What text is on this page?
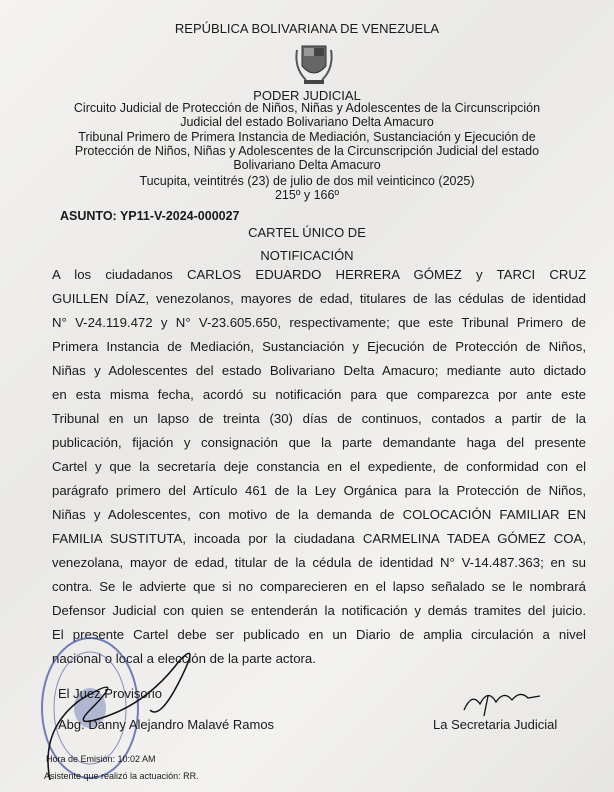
REPÚBLICA BOLIVARIANA DE VENEZUELA
PODER JUDICIAL
Circuito Judicial de Protección de Niños, Niñas y Adolescentes de la Circunscripción
Judicial del estado Bolivariano Delta Amacuro
Tribunal Primero de Primera Instancia de Mediación, Sustanciación y Ejecución de
Protección de Niños, Niñas y Adolescentes de la Circunscripción Judicial del estado
Bolivariano Delta Amacuro
Tucupita, veintitrés (23) de julio de dos mil veinticinco (2025)
215º y 166º
ASUNTO: YP11-V-2024-000027
CARTEL ÚNICO DE
NOTIFICACIÓN
A los ciudadanos CARLOS EDUARDO HERRERA GÓMEZ y TARCI CRUZ
GUILLEN DÍAZ, venezolanos, mayores de edad, titulares de las cédulas de identidad
N° V-24.119.472 y N° V-23.605.650, respectivamente; que este Tribunal Primero de
Primera Instancia de Mediación, Sustanciación y Ejecución de Protección de Niños,
Niñas y Adolescentes del estado Bolivariano Delta Amacuro; mediante auto dictado
en esta misma fecha, acordó su notificación para que comparezca por ante este
Tribunal en un lapso de treinta (30) días de continuos, contados a partir de la
publicación, fijación y consignación que la parte demandante haga del presente
Cartel y que la secretaría deje constancia en el expediente, de conformidad con el
parágrafo primero del Artículo 461 de la Ley Orgánica para la Protección de Niños,
Niñas y Adolescentes, con motivo de la demanda de COLOCACIÓN FAMILIAR EN
FAMILIA SUSTITUTA, incoada por la ciudadana CARMELINA TADEA GÓMEZ COA,
venezolana, mayor de edad, titular de la cédula de identidad N° V-14.487.363; en su
contra. Se le advierte que si no comparecieren en el lapso señalado se le nombrará
Defensor Judicial con quien se entenderán la notificación y demás tramites del juicio.
El presente Cartel debe ser publicado en un Diario de amplia circulación a nivel
nacional o local a elección de la parte actora.
El Juez Provisorio
Abg. Danny Alejandro Malavé Ramos	La Secretaria Judicial
Hora de Emisión: 10:02 AM
Asistente que realizó la actuación: RR.
